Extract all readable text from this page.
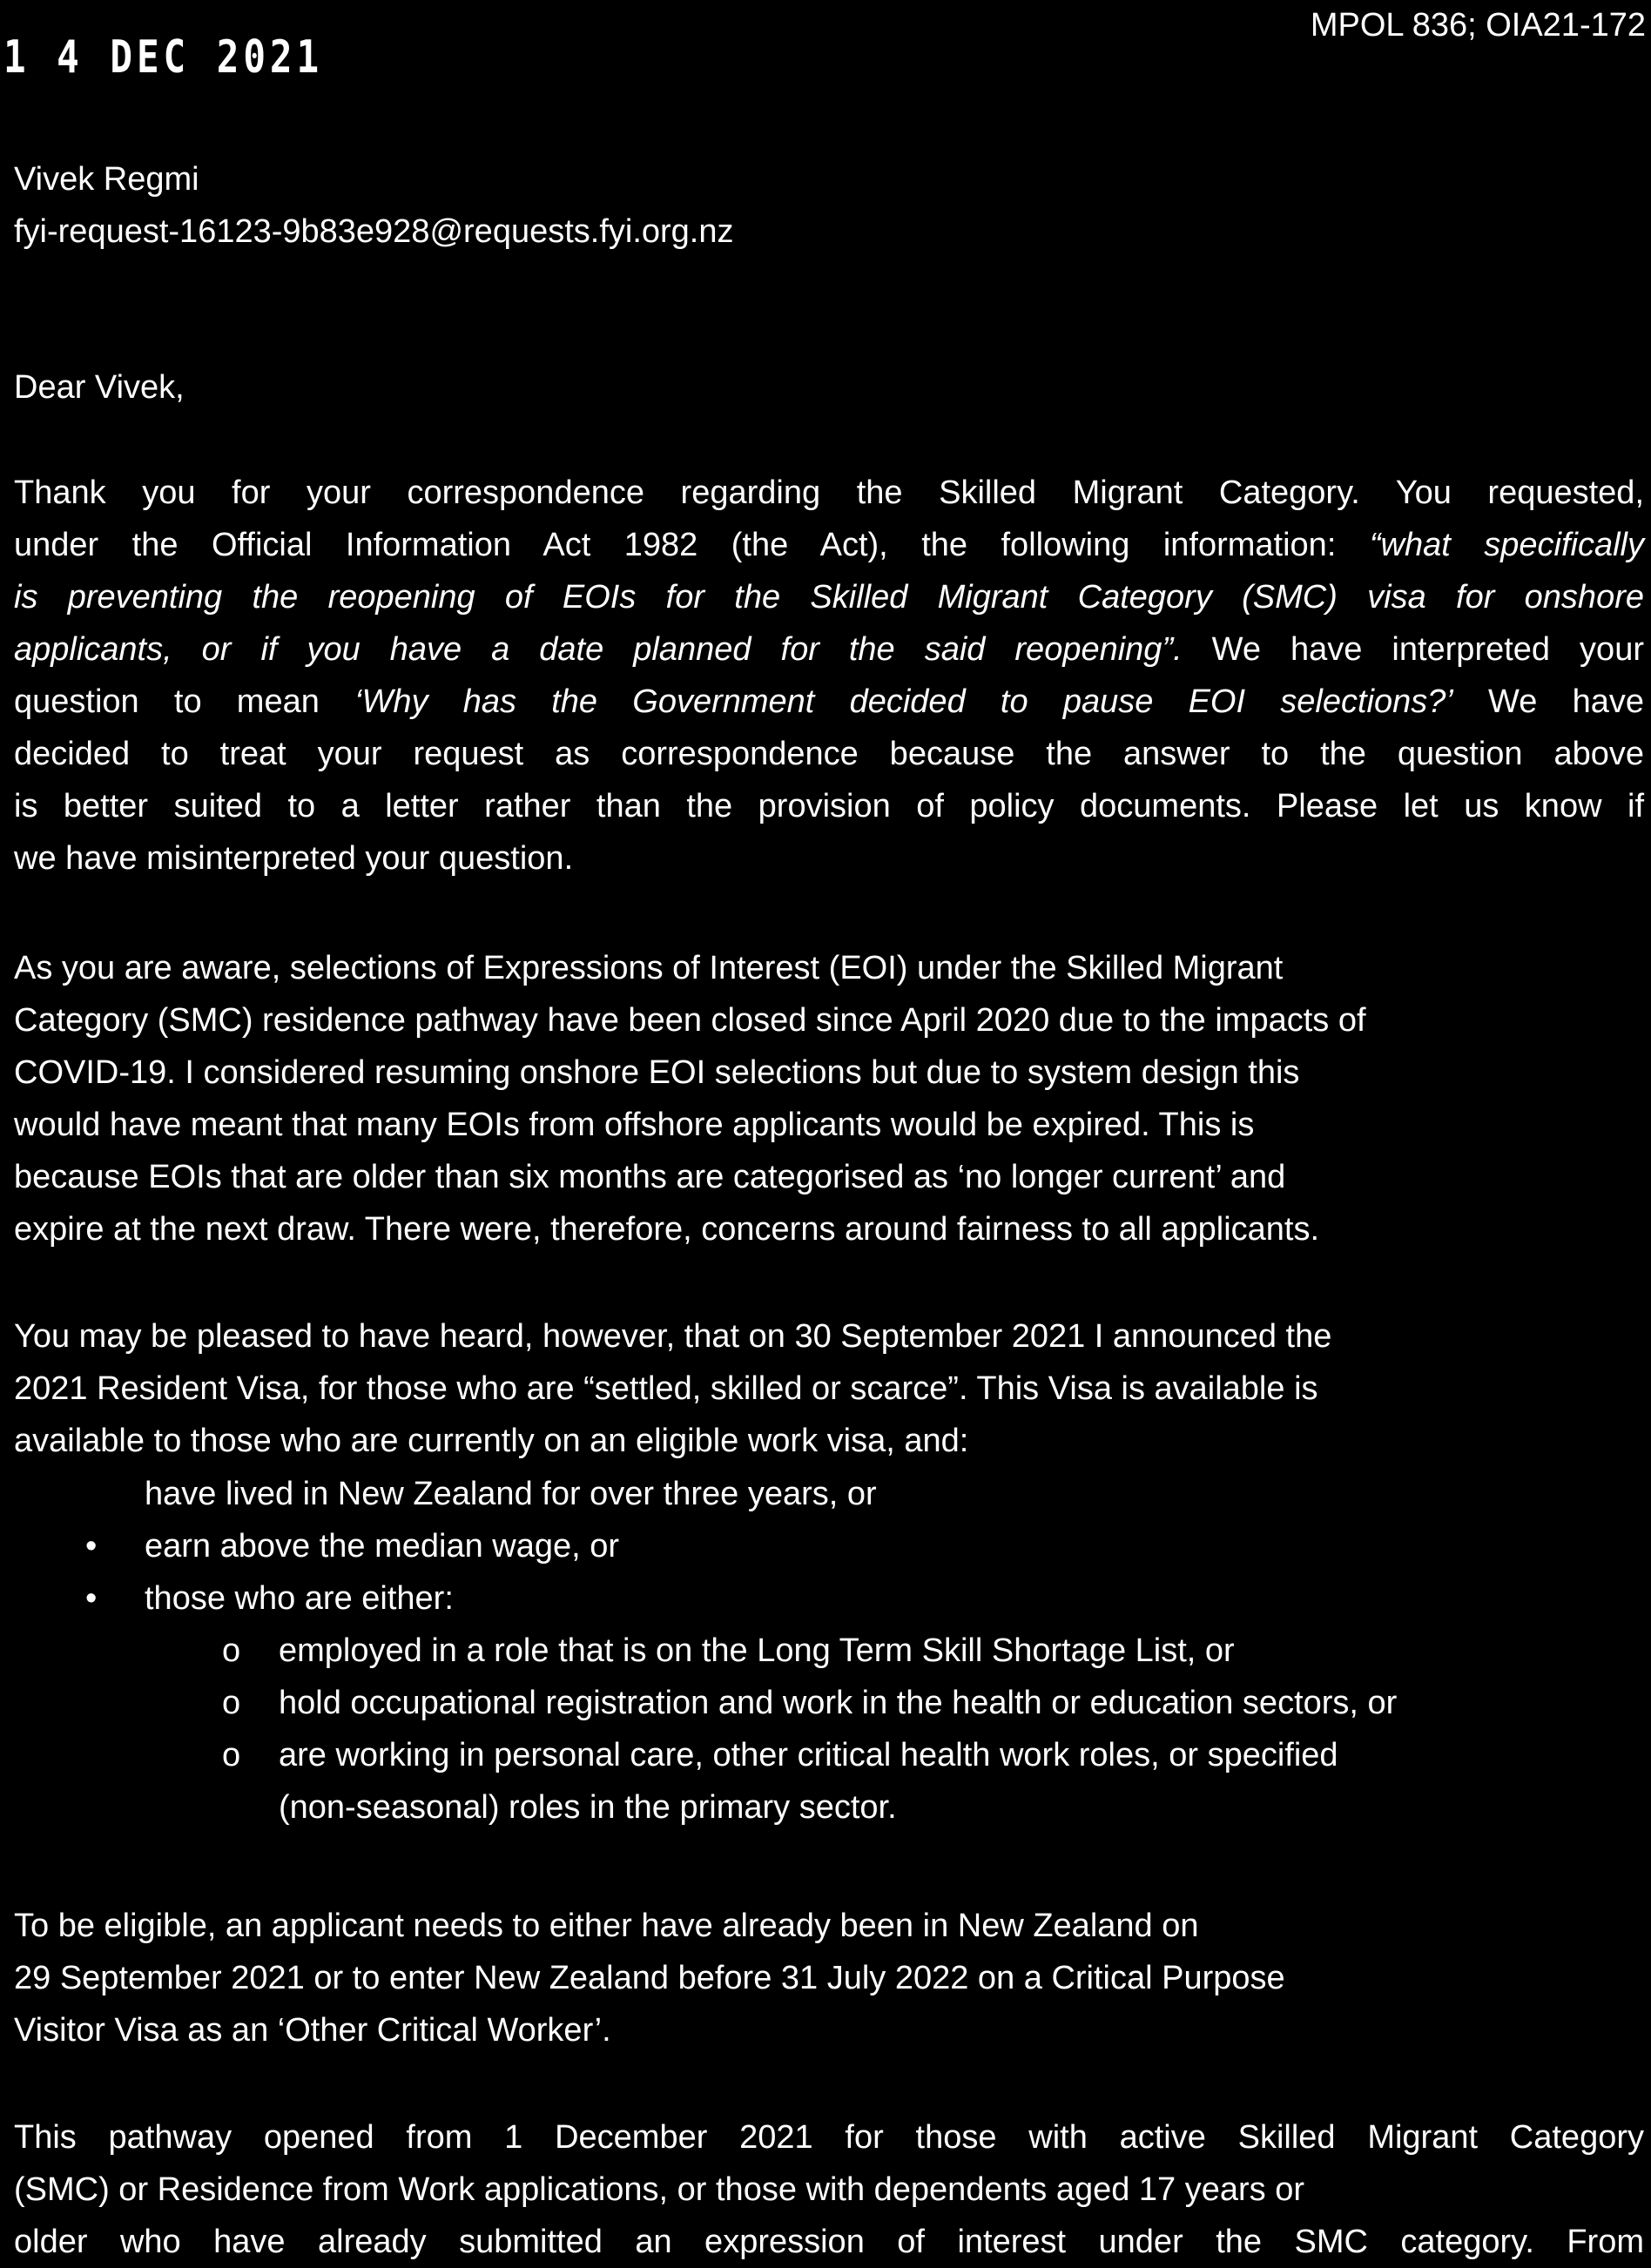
1 4 DEC 2021
MPOL 836; OIA21-172
Vivek Regmi
fyi-request-16123-9b83e928@requests.fyi.org.nz
Dear Vivek,
Thank you for your correspondence regarding the Skilled Migrant Category. You requested,
under the Official Information Act 1982 (the Act), the following information: “what specifically
is preventing the reopening of EOIs for the Skilled Migrant Category (SMC) visa for onshore
applicants, or if you have a date planned for the said reopening”. We have interpreted your
question to mean ‘Why has the Government decided to pause EOI selections?’ We have
decided to treat your request as correspondence because the answer to the question above
is better suited to a letter rather than the provision of policy documents. Please let us know if
we have misinterpreted your question.
As you are aware, selections of Expressions of Interest (EOI) under the Skilled Migrant
Category (SMC) residence pathway have been closed since April 2020 due to the impacts of
COVID-19. I considered resuming onshore EOI selections but due to system design this
would have meant that many EOIs from offshore applicants would be expired. This is
because EOIs that are older than six months are categorised as ‘no longer current’ and
expire at the next draw. There were, therefore, concerns around fairness to all applicants.
You may be pleased to have heard, however, that on 30 September 2021 I announced the
2021 Resident Visa, for those who are “settled, skilled or scarce”. This Visa is available is
available to those who are currently on an eligible work visa, and:
have lived in New Zealand for over three years, or
• earn above the median wage, or
• those who are either:
o employed in a role that is on the Long Term Skill Shortage List, or
o hold occupational registration and work in the health or education sectors, or
o are working in personal care, other critical health work roles, or specified
(non-seasonal) roles in the primary sector.
To be eligible, an applicant needs to either have already been in New Zealand on
29 September 2021 or to enter New Zealand before 31 July 2022 on a Critical Purpose
Visitor Visa as an ‘Other Critical Worker’.
This pathway opened from 1 December 2021 for those with active Skilled Migrant Category
(SMC) or Residence from Work applications, or those with dependents aged 17 years or
older who have already submitted an expression of interest under the SMC category. From
